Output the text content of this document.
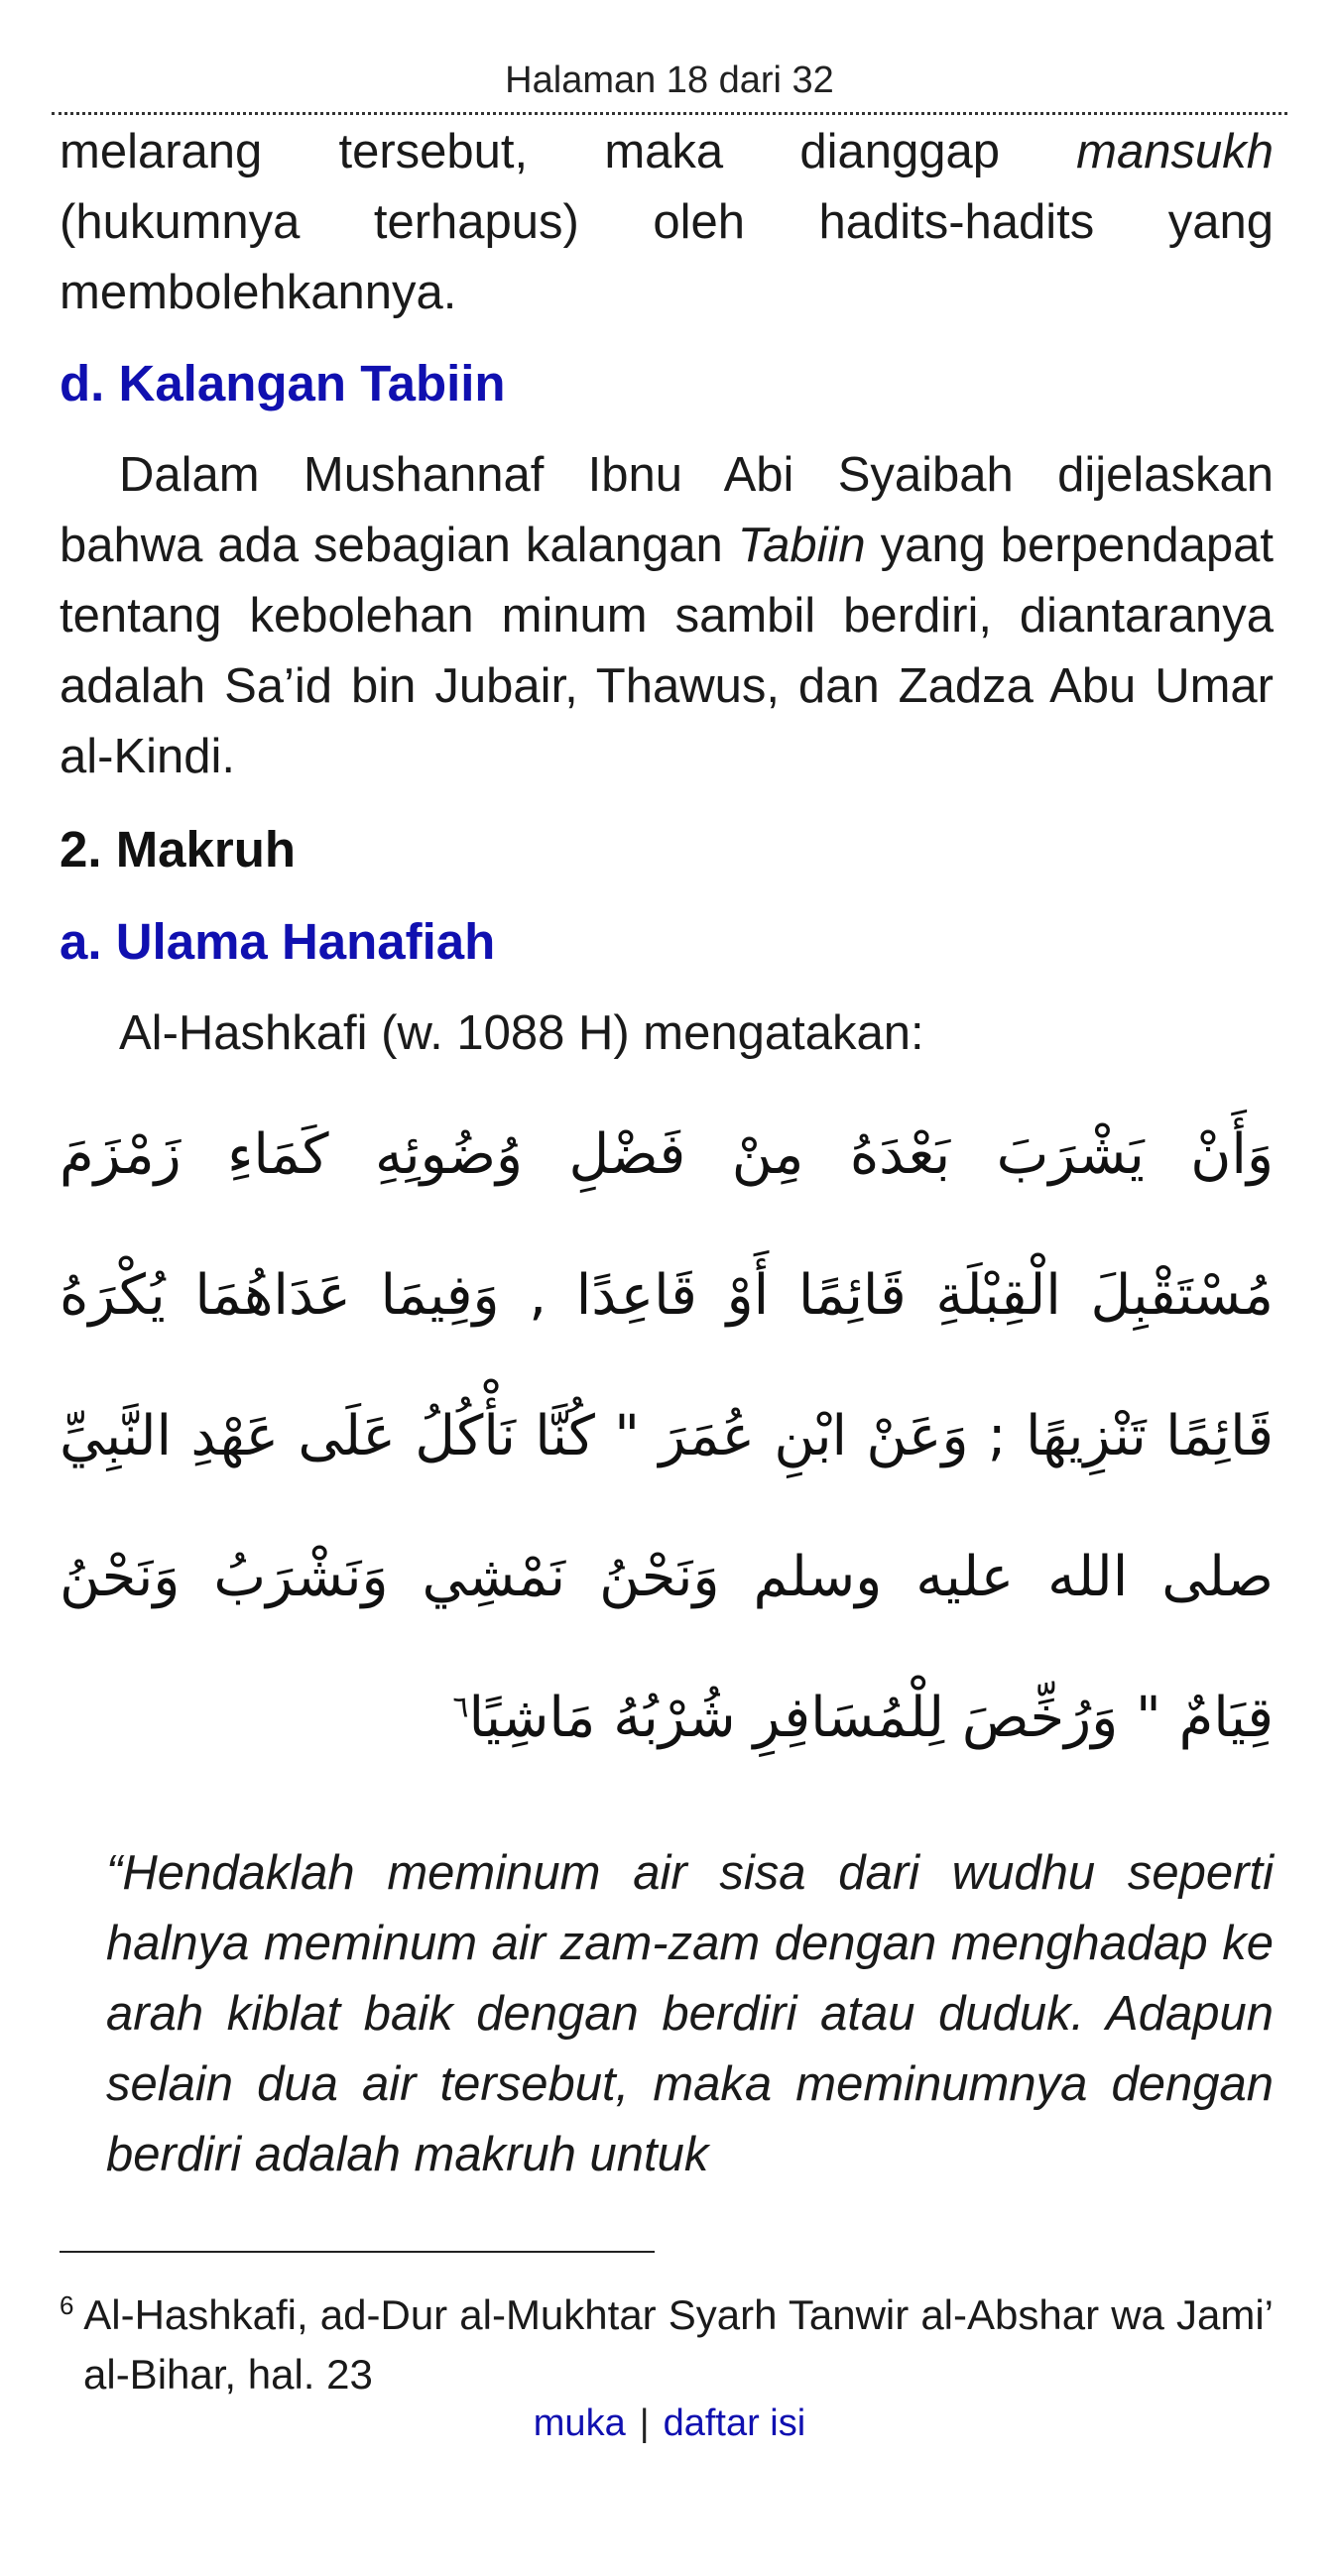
Halaman 18 dari 32

melarang tersebut, maka dianggap mansukh (hukumnya terhapus) oleh hadits-hadits yang membolehkannya.

d. Kalangan Tabiin

Dalam Mushannaf Ibnu Abi Syaibah dijelaskan bahwa ada sebagian kalangan Tabiin yang berpendapat tentang kebolehan minum sambil berdiri, diantaranya adalah Sa’id bin Jubair, Thawus, dan Zadza Abu Umar al-Kindi.

2. Makruh
a. Ulama Hanafiah

Al-Hashkafi (w. 1088 H) mengatakan:

وَأَنْ يَشْرَبَ بَعْدَهُ مِنْ فَضْلِ وُضُوئِهِ كَمَاءِ زَمْزَمَ مُسْتَقْبِلَ الْقِبْلَةِ قَائِمًا أَوْ قَاعِدًا , وَفِيمَا عَدَاهُمَا يُكْرَهُ قَائِمًا تَنْزِيهًا ; وَعَنْ ابْنِ عُمَرَ " كُنَّا نَأْكُلُ عَلَى عَهْدِ النَّبِيِّ صلى الله عليه وسلم وَنَحْنُ نَمْشِي وَنَشْرَبُ وَنَحْنُ قِيَامٌ " وَرُخِّصَ لِلْمُسَافِرِ شُرْبُهُ مَاشِيًا$^٦$

“Hendaklah meminum air sisa dari wudhu seperti halnya meminum air zam-zam dengan menghadap ke arah kiblat baik dengan berdiri atau duduk. Adapun selain dua air tersebut, maka meminumnya dengan berdiri adalah makruh untuk

$^6$ Al-Hashkafi, ad-Dur al-Mukhtar Syarh Tanwir al-Abshar wa Jami’ al-Bihar, hal. 23
muka | daftar isi
